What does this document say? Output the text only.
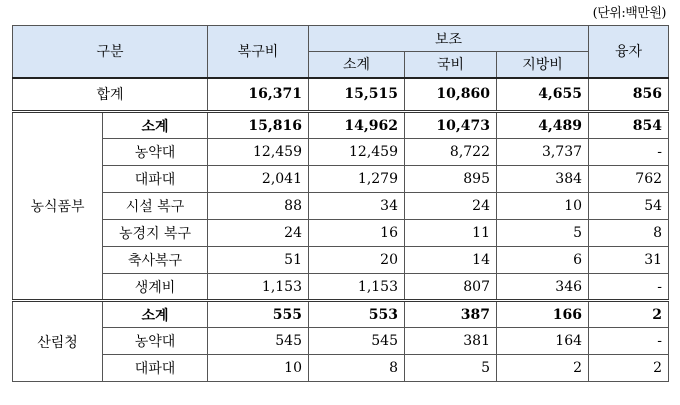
(단위:백만원)
구분		복구비	보조			융자
			소계	국비	지방비	
합계		16,371	15,515	10,860	4,655	856
농식품부	소계	15,816	14,962	10,473	4,489	854
	농약대	12,459	12,459	8,722	3,737	-
	대파대	2,041	1,279	895	384	762
	시설 복구	88	34	24	10	54
	농경지 복구	24	16	11	5	8
	축사복구	51	20	14	6	31
	생계비	1,153	1,153	807	346	-
산림청	소계	555	553	387	166	2
	농약대	545	545	381	164	-
	대파대	10	8	5	2	2
